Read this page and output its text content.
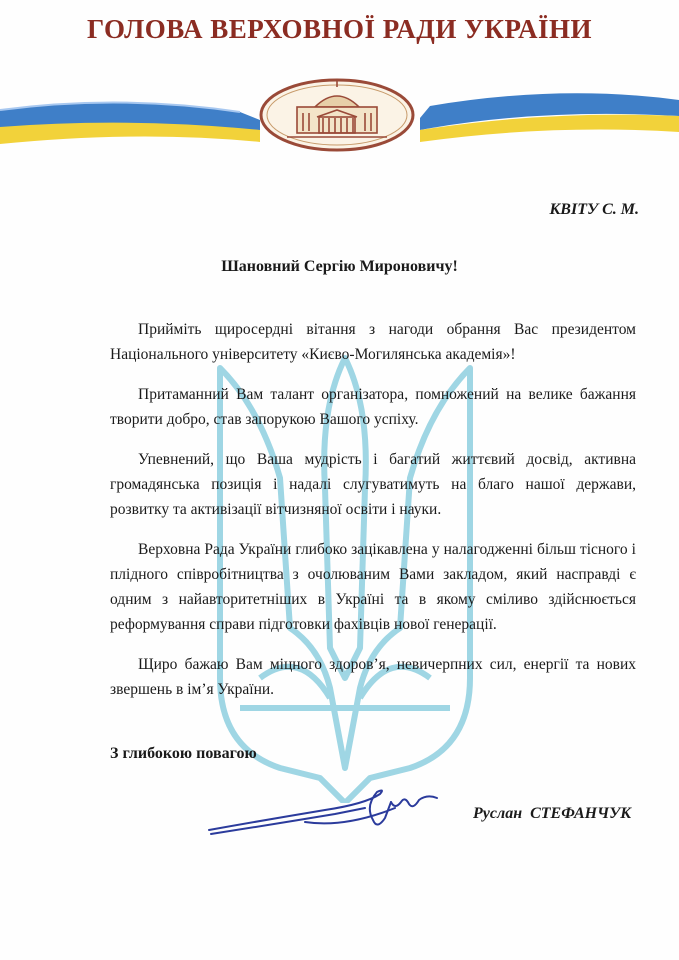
ГОЛОВА ВЕРХОВНОЇ РАДИ УКРАЇНИ
КВІТУ С. М.
Шановний Сергію Мироновичу!

Прийміть щиросердні вітання з нагоди обрання Вас президентом Національного університету «Києво-Могилянська академія»!

Притаманний Вам талант організатора, помножений на велике бажання творити добро, став запорукою Вашого успіху.

Упевнений, що Ваша мудрість і багатий життєвий досвід, активна громадянська позиція і надалі слугуватимуть на благо нашої держави, розвитку та активізації вітчизняної освіти і науки.

Верховна Рада України глибоко зацікавлена у налагодженні більш тісного і плідного співробітництва з очолюваним Вами закладом, який насправді є одним з найавторитетніших в Україні та в якому сміливо здійснюється реформування справи підготовки фахівців нової генерації.

Щиро бажаю Вам міцного здоров’я, невичерпних сил, енергії та нових звершень в ім’я України.

З глибокою повагою
Руслан СТЕФАНЧУК
